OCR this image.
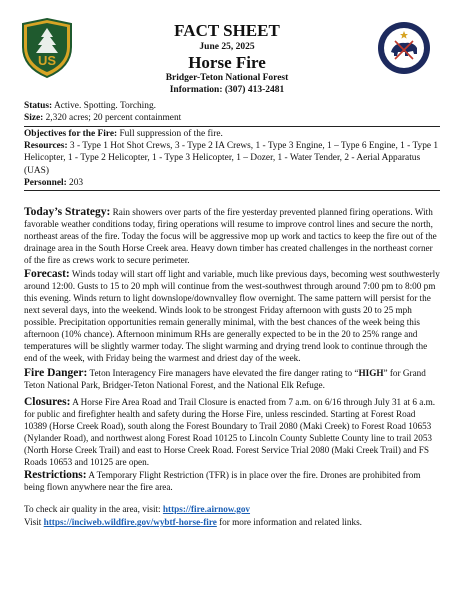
US
FACT SHEET
June 25, 2025
Horse Fire
Bridger-Teton National Forest
Information: (307) 413-2481
Status: Active. Spotting. Torching.
Size: 2,320 acres; 20 percent containment
Objectives for the Fire: Full suppression of the fire.
Resources: 3 - Type 1 Hot Shot Crews, 3 - Type 2 IA Crews, 1 - Type 3 Engine, 1 – Type 6 Engine, 1 - Type 1 Helicopter, 1 - Type 2 Helicopter, 1 - Type 3 Helicopter, 1 – Dozer, 1 - Water Tender, 2 - Aerial Apparatus (UAS)
Personnel: 203
Today’s Strategy: Rain showers over parts of the fire yesterday prevented planned firing operations. With favorable weather conditions today, firing operations will resume to improve control lines and secure the north, northeast areas of the fire. Today the focus will be aggressive mop up work and tactics to keep the fire out of the drainage area in the South Horse Creek area. Heavy down timber has created challenges in the northeast corner of the fire as crews work to secure perimeter.
Forecast: Winds today will start off light and variable, much like previous days, becoming west southwesterly around 12:00. Gusts to 15 to 20 mph will continue from the west-southwest through around 7:00 pm to 8:00 pm this evening. Winds return to light downslope/downvalley flow overnight. The same pattern will persist for the next several days, into the weekend. Winds look to be strongest Friday afternoon with gusts 20 to 25 mph possible. Precipitation opportunities remain generally minimal, with the best chances of the week being this afternoon (10% chance). Afternoon minimum RHs are generally expected to be in the 20 to 25% range and temperatures will be slightly warmer today. The slight warming and drying trend look to continue through the end of the week, with Friday being the warmest and driest day of the week.
Fire Danger: Teton Interagency Fire managers have elevated the fire danger rating to “HIGH” for Grand Teton National Park, Bridger-Teton National Forest, and the National Elk Refuge.
Closures: A Horse Fire Area Road and Trail Closure is enacted from 7 a.m. on 6/16 through July 31 at 6 a.m. for public and firefighter health and safety during the Horse Fire, unless rescinded. Starting at Forest Road 10389 (Horse Creek Road), south along the Forest Boundary to Trail 2080 (Maki Creek) to Forest Road 10653 (Nylander Road), and northwest along Forest Road 10125 to Lincoln County Sublette County line to trail 2053 (North Horse Creek Trail) and east to Horse Creek Road. Forest Service Trial 2080 (Maki Creek Trail) and FS Roads 10653 and 10125 are open.
Restrictions: A Temporary Flight Restriction (TFR) is in place over the fire. Drones are prohibited from being flown anywhere near the fire area.
To check air quality in the area, visit: https://fire.airnow.gov
Visit https://inciweb.wildfire.gov/wybtf-horse-fire for more information and related links.
